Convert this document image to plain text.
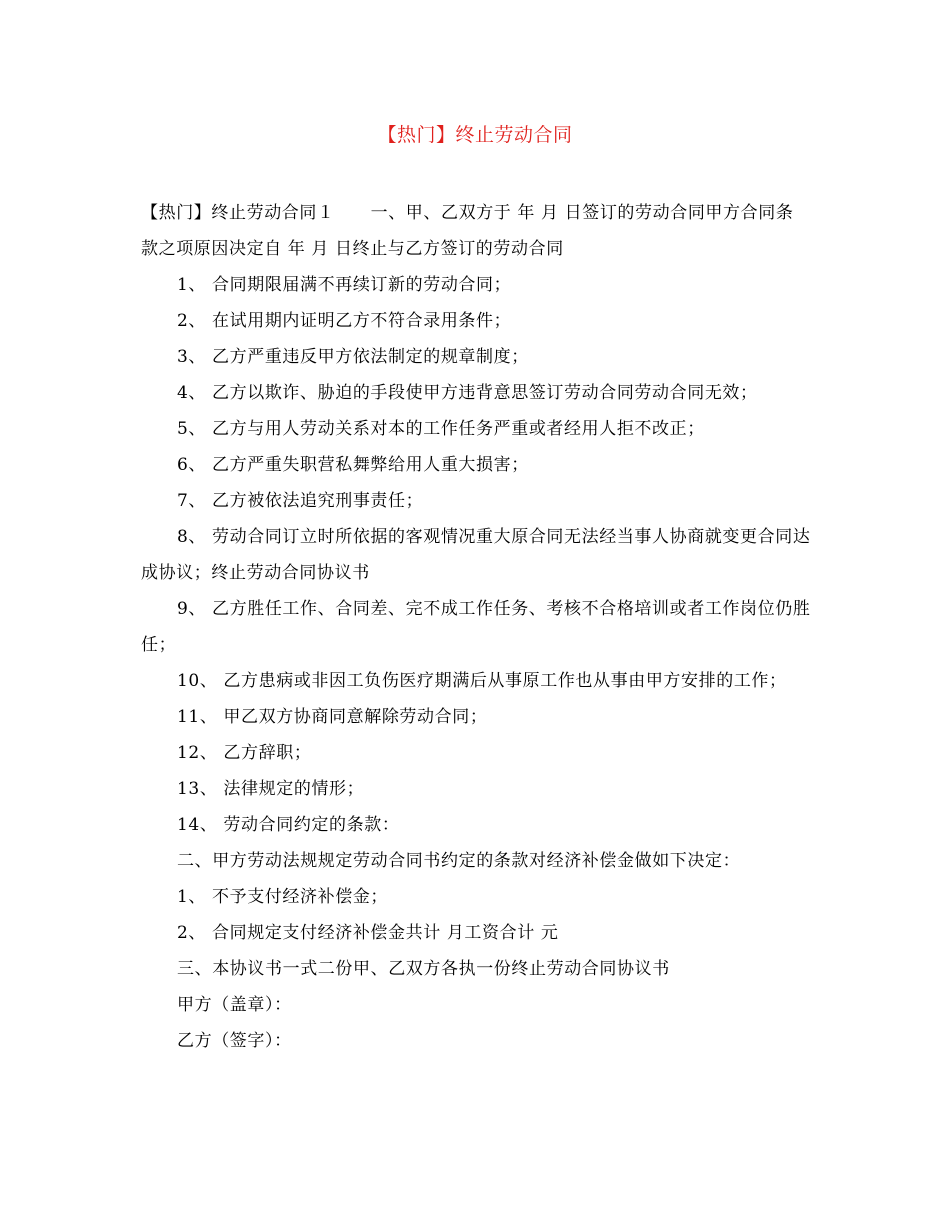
【热门】终止劳动合同

【热门】终止劳动合同１ 一、甲、乙双方于 年 月 日签订的劳动合同甲方合同条款之项原因决定自 年 月 日终止与乙方签订的劳动合同

1、 合同期限届满不再续订新的劳动合同；

2、 在试用期内证明乙方不符合录用条件；

3、 乙方严重违反甲方依法制定的规章制度；

4、 乙方以欺诈、胁迫的手段使甲方违背意思签订劳动合同劳动合同无效；

5、 乙方与用人劳动关系对本的工作任务严重或者经用人拒不改正；

6、 乙方严重失职营私舞弊给用人重大损害；

7、 乙方被依法追究刑事责任；

8、 劳动合同订立时所依据的客观情况重大原合同无法经当事人协商就变更合同达成协议；终止劳动合同协议书

9、 乙方胜任工作、合同差、完不成工作任务、考核不合格培训或者工作岗位仍胜任；

10、 乙方患病或非因工负伤医疗期满后从事原工作也从事由甲方安排的工作；

11、 甲乙双方协商同意解除劳动合同；

12、 乙方辞职；

13、 法律规定的情形；

14、 劳动合同约定的条款：

二、甲方劳动法规规定劳动合同书约定的条款对经济补偿金做如下决定：

1、 不予支付经济补偿金；

2、 合同规定支付经济补偿金共计 月工资合计 元

三、本协议书一式二份甲、乙双方各执一份终止劳动合同协议书

甲方（盖章）：

乙方（签字）：
